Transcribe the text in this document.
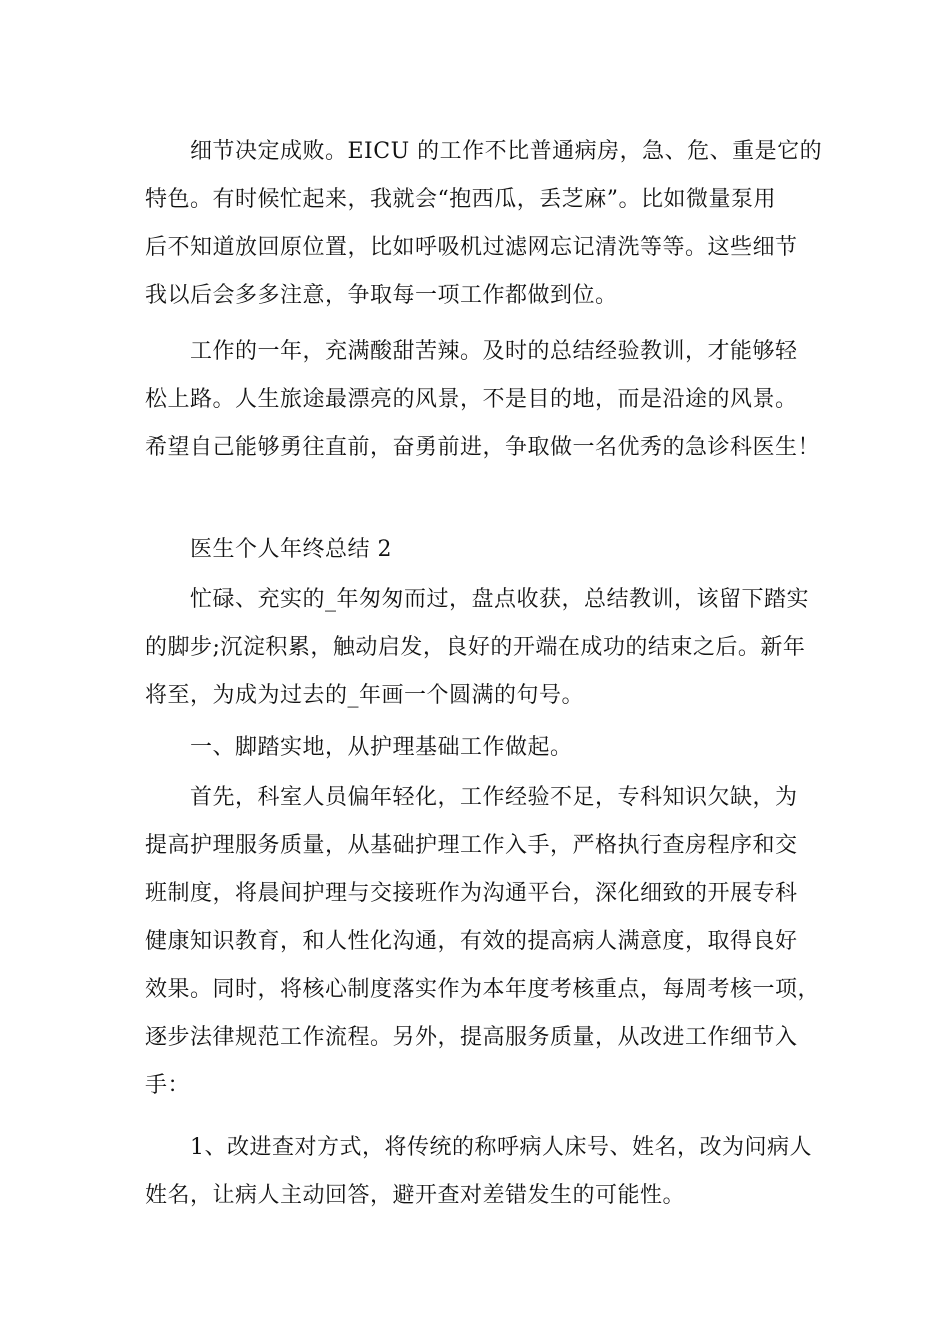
细节决定成败。EICU 的工作不比普通病房，急、危、重是它的
特色。有时候忙起来，我就会“抱西瓜，丢芝麻”。比如微量泵用
后不知道放回原位置，比如呼吸机过滤网忘记清洗等等。这些细节
我以后会多多注意，争取每一项工作都做到位。
工作的一年，充满酸甜苦辣。及时的总结经验教训，才能够轻
松上路。人生旅途最漂亮的风景，不是目的地，而是沿途的风景。
希望自己能够勇往直前，奋勇前进，争取做一名优秀的急诊科医生！
医生个人年终总结 2
忙碌、充实的_年匆匆而过，盘点收获，总结教训，该留下踏实
的脚步;沉淀积累，触动启发，良好的开端在成功的结束之后。新年
将至，为成为过去的_年画一个圆满的句号。
一、脚踏实地，从护理基础工作做起。
首先，科室人员偏年轻化，工作经验不足，专科知识欠缺，为
提高护理服务质量，从基础护理工作入手，严格执行查房程序和交
班制度，将晨间护理与交接班作为沟通平台，深化细致的开展专科
健康知识教育，和人性化沟通，有效的提高病人满意度，取得良好
效果。同时，将核心制度落实作为本年度考核重点，每周考核一项，
逐步法律规范工作流程。另外，提高服务质量，从改进工作细节入
手：
1、改进查对方式，将传统的称呼病人床号、姓名，改为问病人
姓名，让病人主动回答，避开查对差错发生的可能性。
